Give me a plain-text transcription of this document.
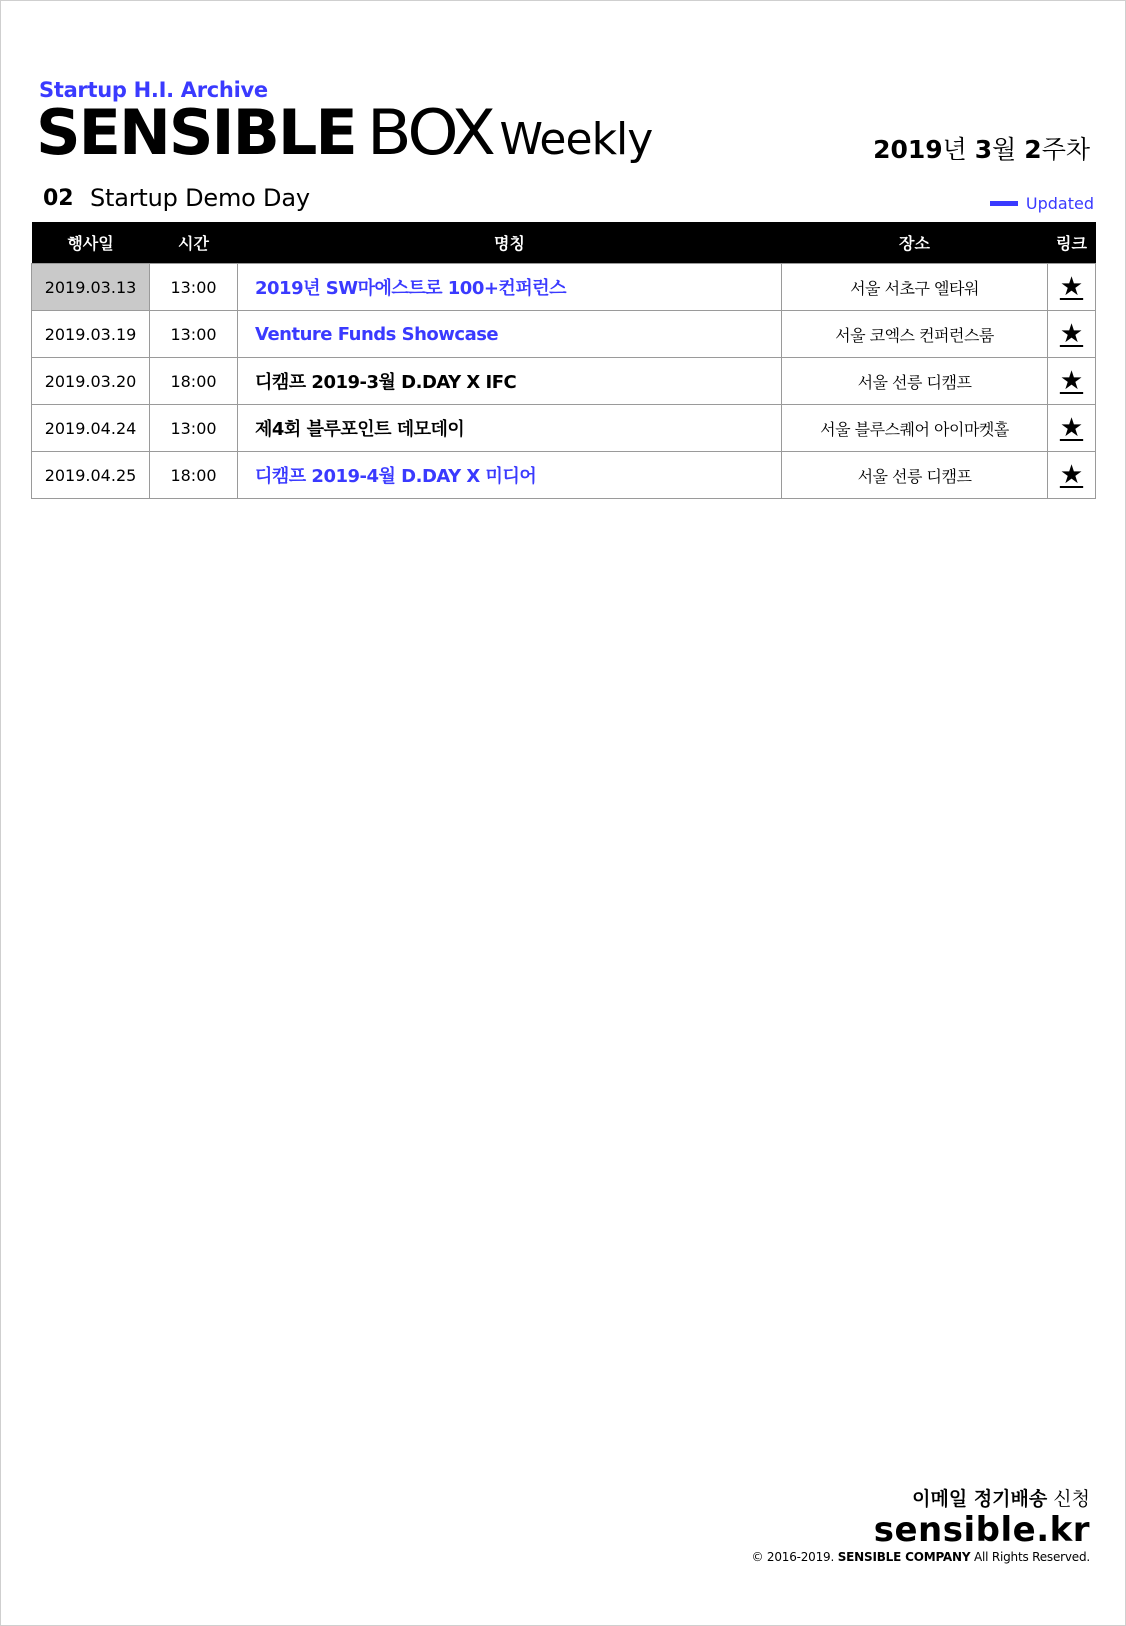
Startup H.I. Archive
SENSIBLE BOX Weekly	2019년 3월 2주차
02 Startup Demo Day	Updated
행사일	시간	명칭	장소	링크

2019.03.13	13:00	2019년 SW마에스트로 100+컨퍼런스	서울 서초구 엘타워	★

2019.03.19	13:00	Venture Funds Showcase	서울 코엑스 컨퍼런스룸	★
2019.03.20	18:00	디캠프 2019-3월 D.DAY X IFC	서울 선릉 디캠프	★
2019.04.24	13:00	제4회 블루포인트 데모데이	서울 블루스퀘어 아이마켓홀	★

2019.04.25	18:00	디캠프 2019-4월 D.DAY X 미디어	서울 선릉 디캠프	★
이메일 정기배송 신청
sensible.kr
© 2016-2019. SENSIBLE COMPANY All Rights Reserved.
